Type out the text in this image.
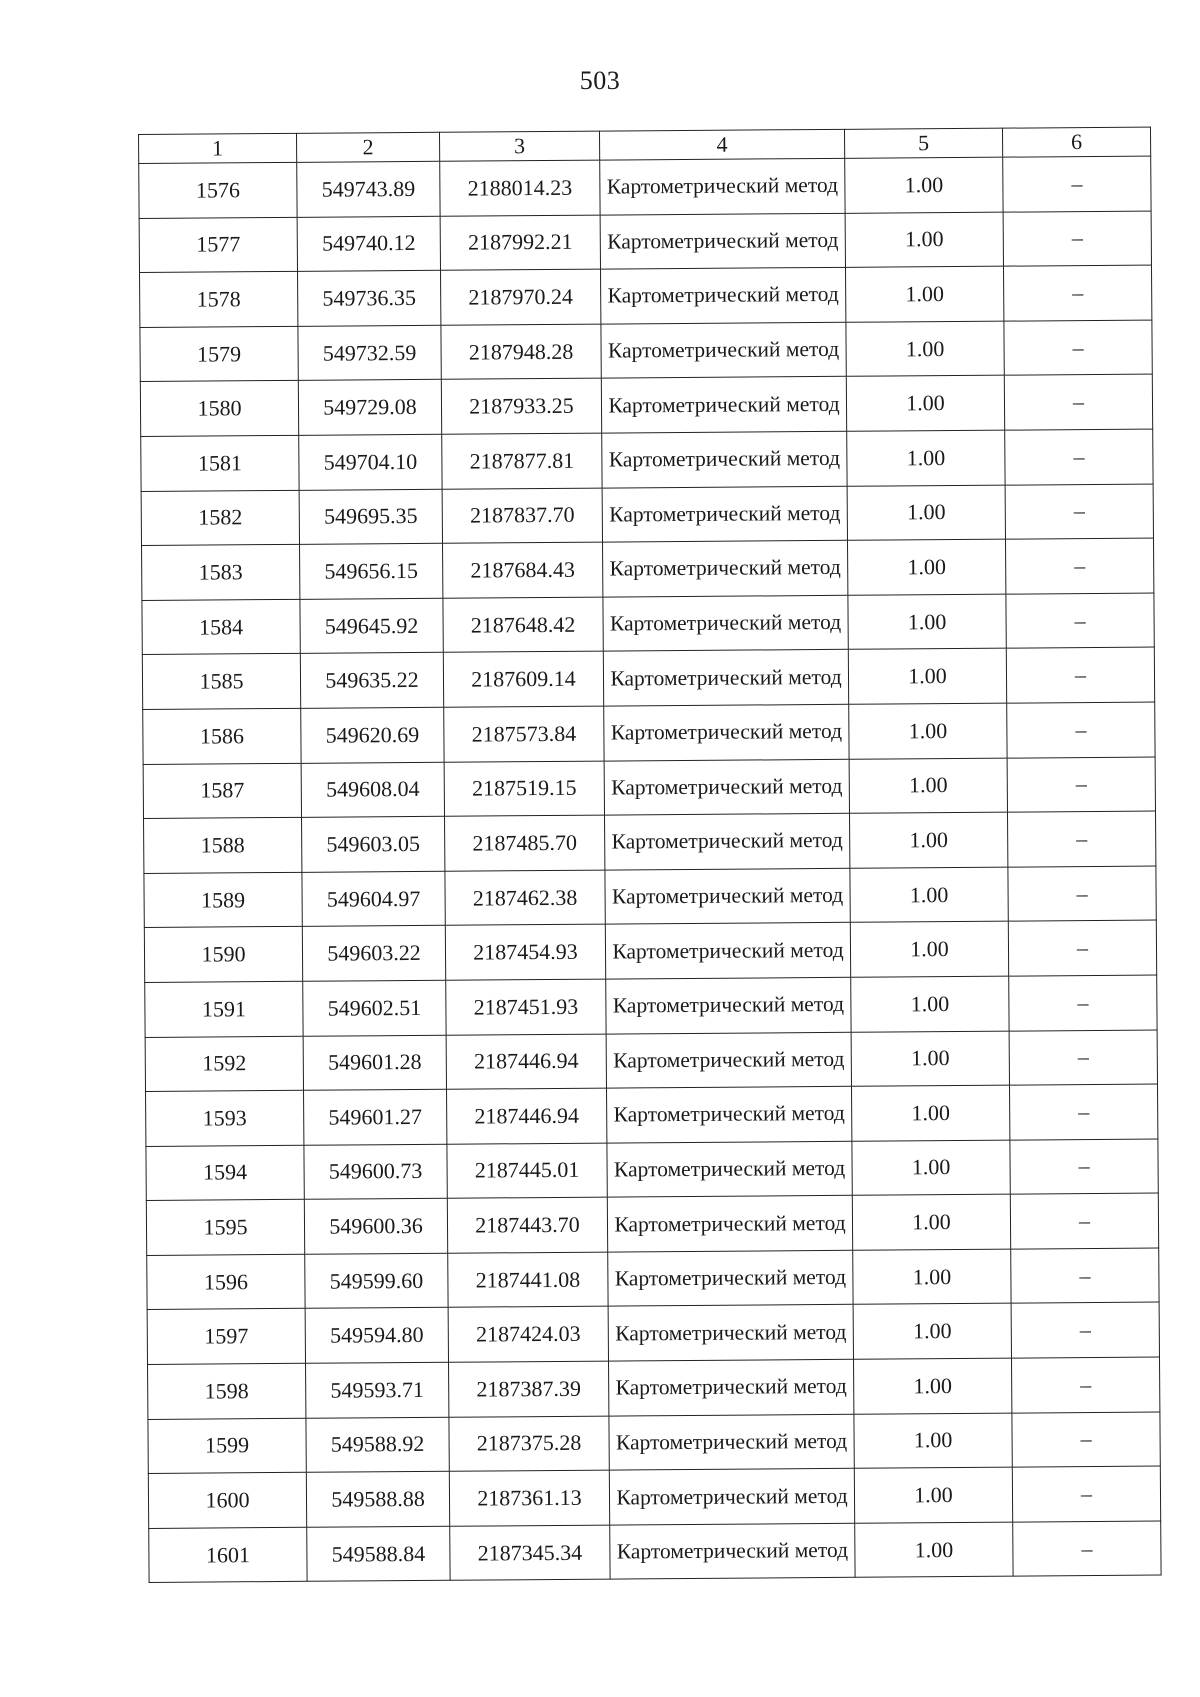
503
1	2	3	4	5	6
1576	549743.89	2188014.23	Картометрический метод	1.00	–
1577	549740.12	2187992.21	Картометрический метод	1.00	–
1578	549736.35	2187970.24	Картометрический метод	1.00	–
1579	549732.59	2187948.28	Картометрический метод	1.00	–
1580	549729.08	2187933.25	Картометрический метод	1.00	–
1581	549704.10	2187877.81	Картометрический метод	1.00	–
1582	549695.35	2187837.70	Картометрический метод	1.00	–
1583	549656.15	2187684.43	Картометрический метод	1.00	–
1584	549645.92	2187648.42	Картометрический метод	1.00	–
1585	549635.22	2187609.14	Картометрический метод	1.00	–
1586	549620.69	2187573.84	Картометрический метод	1.00	–
1587	549608.04	2187519.15	Картометрический метод	1.00	–
1588	549603.05	2187485.70	Картометрический метод	1.00	–
1589	549604.97	2187462.38	Картометрический метод	1.00	–
1590	549603.22	2187454.93	Картометрический метод	1.00	–
1591	549602.51	2187451.93	Картометрический метод	1.00	–
1592	549601.28	2187446.94	Картометрический метод	1.00	–
1593	549601.27	2187446.94	Картометрический метод	1.00	–
1594	549600.73	2187445.01	Картометрический метод	1.00	–
1595	549600.36	2187443.70	Картометрический метод	1.00	–
1596	549599.60	2187441.08	Картометрический метод	1.00	–
1597	549594.80	2187424.03	Картометрический метод	1.00	–
1598	549593.71	2187387.39	Картометрический метод	1.00	–
1599	549588.92	2187375.28	Картометрический метод	1.00	–
1600	549588.88	2187361.13	Картометрический метод	1.00	–
1601	549588.84	2187345.34	Картометрический метод	1.00	–
